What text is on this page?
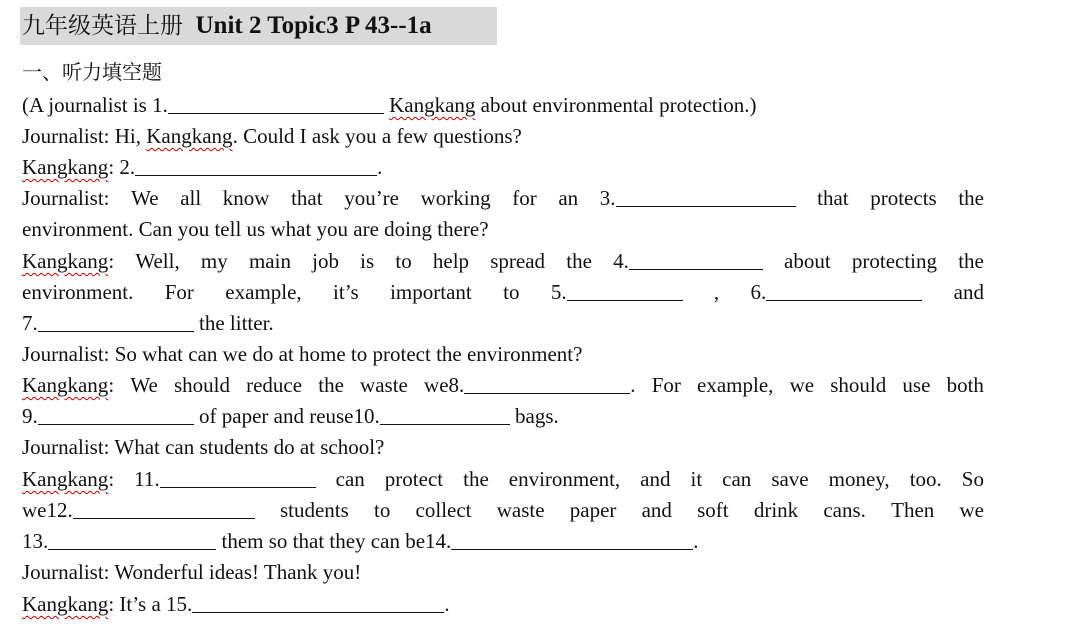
九年级英语上册 Unit 2 Topic3 P 43--1a
一、听力填空题
(A journalist is 1.	Kangkang about environmental protection.)
Journalist: Hi, Kangkang. Could I ask you a few questions?
Kangkang: 2.	.
Journalist: We all know that you’re working for an 3.	that protects the
environment. Can you tell us what you are doing there?
Kangkang: Well, my main job is to help spread the 4.	about protecting the
environment. For example, it’s important to 5.	, 6.	and
7.	the litter.
Journalist: So what can we do at home to protect the environment?
Kangkang: We should reduce the waste we8.	. For example, we should use both
9.	of paper and reuse10.	bags.
Journalist: What can students do at school?
Kangkang: 11.	can protect the environment, and it can save money, too. So
we12.	students to collect waste paper and soft drink cans. Then we
13.	them so that they can be14.	.
Journalist: Wonderful ideas! Thank you!
Kangkang: It’s a 15.	.
